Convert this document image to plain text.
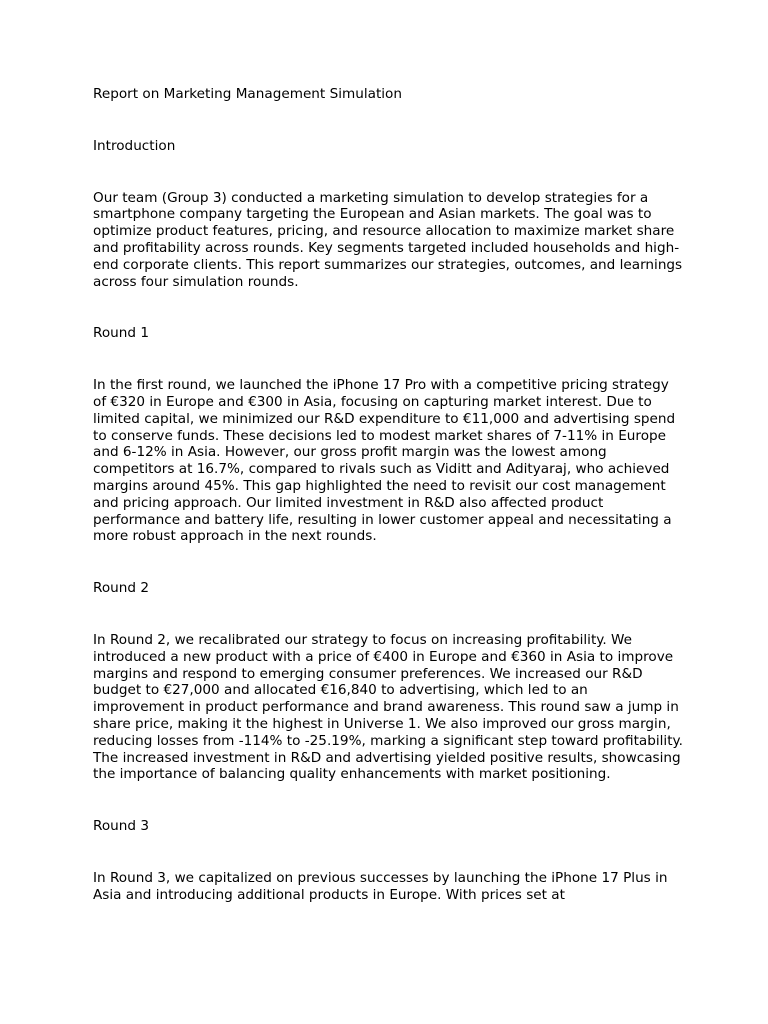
Report on Marketing Management Simulation

Introduction

Our team (Group 3) conducted a marketing simulation to develop strategies for a smartphone company targeting the European and Asian markets. The goal was to optimize product features, pricing, and resource allocation to maximize market share and profitability across rounds. Key segments targeted included households and high-end corporate clients. This report summarizes our strategies, outcomes, and learnings across four simulation rounds.

Round 1

In the first round, we launched the iPhone 17 Pro with a competitive pricing strategy of €320 in Europe and €300 in Asia, focusing on capturing market interest. Due to limited capital, we minimized our R&D expenditure to €11,000 and advertising spend to conserve funds. These decisions led to modest market shares of 7-11% in Europe and 6-12% in Asia. However, our gross profit margin was the lowest among competitors at 16.7%, compared to rivals such as Viditt and Adityaraj, who achieved margins around 45%. This gap highlighted the need to revisit our cost management and pricing approach. Our limited investment in R&D also affected product performance and battery life, resulting in lower customer appeal and necessitating a more robust approach in the next rounds.

Round 2

In Round 2, we recalibrated our strategy to focus on increasing profitability. We introduced a new product with a price of €400 in Europe and €360 in Asia to improve margins and respond to emerging consumer preferences. We increased our R&D budget to €27,000 and allocated €16,840 to advertising, which led to an improvement in product performance and brand awareness. This round saw a jump in share price, making it the highest in Universe 1. We also improved our gross margin, reducing losses from -114% to -25.19%, marking a significant step toward profitability. The increased investment in R&D and advertising yielded positive results, showcasing the importance of balancing quality enhancements with market positioning.

Round 3

In Round 3, we capitalized on previous successes by launching the iPhone 17 Plus in Asia and introducing additional products in Europe. With prices set at
